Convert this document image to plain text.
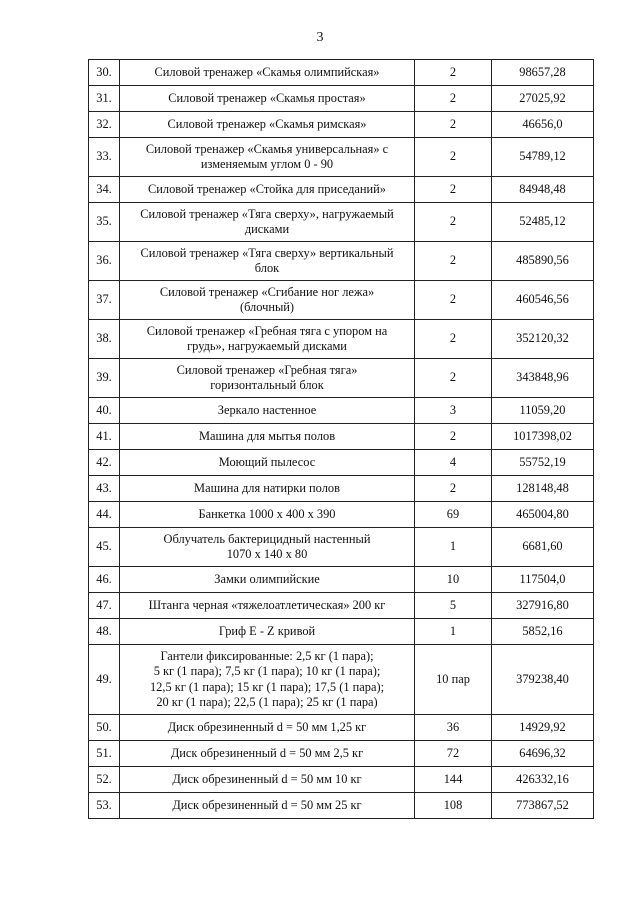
3
30.	Силовой тренажер «Скамья олимпийская»	2	98657,28
31.	Силовой тренажер «Скамья простая»	2	27025,92
32.	Силовой тренажер «Скамья римская»	2	46656,0
33.	Силовой тренажер «Скамья универсальная» с
изменяемым углом 0 - 90	2	54789,12
34.	Силовой тренажер «Стойка для приседаний»	2	84948,48
35.	Силовой тренажер «Тяга сверху», нагружаемый
дисками	2	52485,12
36.	Силовой тренажер «Тяга сверху» вертикальный
блок	2	485890,56
37.	Силовой тренажер «Сгибание ног лежа»
(блочный)	2	460546,56
38.	Силовой тренажер «Гребная тяга с упором на
грудь», нагружаемый дисками	2	352120,32
39.	Силовой тренажер «Гребная тяга»
горизонтальный блок	2	343848,96
40.	Зеркало настенное	3	11059,20
41.	Машина для мытья полов	2	1017398,02
42.	Моющий пылесос	4	55752,19
43.	Машина для натирки полов	2	128148,48
44.	Банкетка 1000 х 400 х 390	69	465004,80
45.	Облучатель бактерицидный настенный
1070 х 140 х 80	1	6681,60
46.	Замки олимпийские	10	117504,0
47.	Штанга черная «тяжелоатлетическая» 200 кг	5	327916,80
48.	Гриф E - Z кривой	1	5852,16
49.	Гантели фиксированные: 2,5 кг (1 пара);
5 кг (1 пара); 7,5 кг (1 пара); 10 кг (1 пара);
12,5 кг (1 пара); 15 кг (1 пара); 17,5 (1 пара);
20 кг (1 пара); 22,5 (1 пара); 25 кг (1 пара)	10 пар	379238,40
50.	Диск обрезиненный d = 50 мм 1,25 кг	36	14929,92
51.	Диск обрезиненный d = 50 мм 2,5 кг	72	64696,32
52.	Диск обрезиненный d = 50 мм 10 кг	144	426332,16
53.	Диск обрезиненный d = 50 мм 25 кг	108	773867,52
